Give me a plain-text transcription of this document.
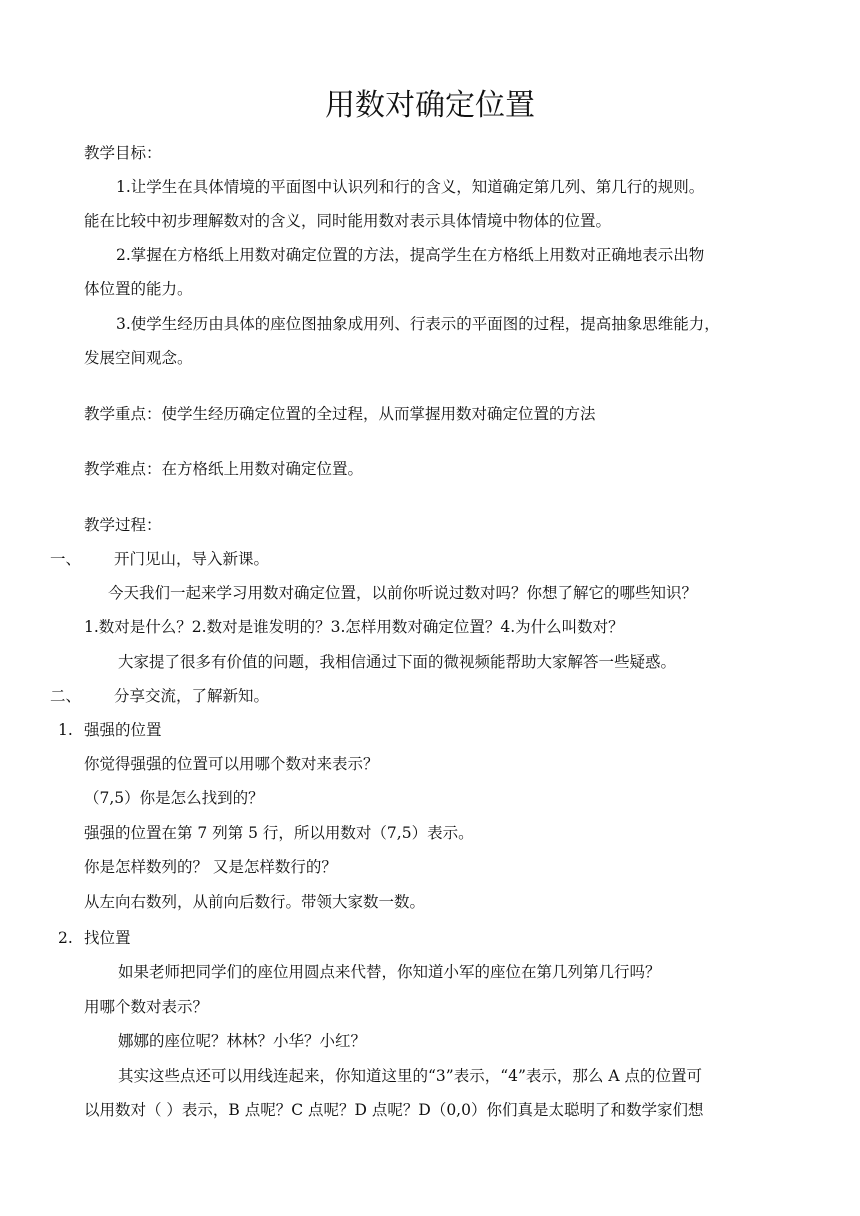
用数对确定位置
教学目标：
1.让学生在具体情境的平面图中认识列和行的含义，知道确定第几列、第几行的规则。
能在比较中初步理解数对的含义，同时能用数对表示具体情境中物体的位置。
2.掌握在方格纸上用数对确定位置的方法，提高学生在方格纸上用数对正确地表示出物
体位置的能力。
3.使学生经历由具体的座位图抽象成用列、行表示的平面图的过程，提高抽象思维能力，
发展空间观念。
教学重点：使学生经历确定位置的全过程，从而掌握用数对确定位置的方法
教学难点：在方格纸上用数对确定位置。
教学过程：
一、 开门见山，导入新课。
今天我们一起来学习用数对确定位置，以前你听说过数对吗？你想了解它的哪些知识？
1.数对是什么？2.数对是谁发明的？3.怎样用数对确定位置？4.为什么叫数对？
大家提了很多有价值的问题，我相信通过下面的微视频能帮助大家解答一些疑惑。
二、 分享交流，了解新知。
1. 强强的位置
你觉得强强的位置可以用哪个数对来表示？
（7,5）你是怎么找到的？
强强的位置在第 7 列第 5 行，所以用数对（7,5）表示。
你是怎样数列的？ 又是怎样数行的？
从左向右数列，从前向后数行。带领大家数一数。
2. 找位置
如果老师把同学们的座位用圆点来代替，你知道小军的座位在第几列第几行吗？
用哪个数对表示？
娜娜的座位呢？林林？小华？小红？
其实这些点还可以用线连起来，你知道这里的“3”表示，“4”表示，那么 A 点的位置可
以用数对（ ）表示，B 点呢？C 点呢？D 点呢？D（0,0）你们真是太聪明了和数学家们想
